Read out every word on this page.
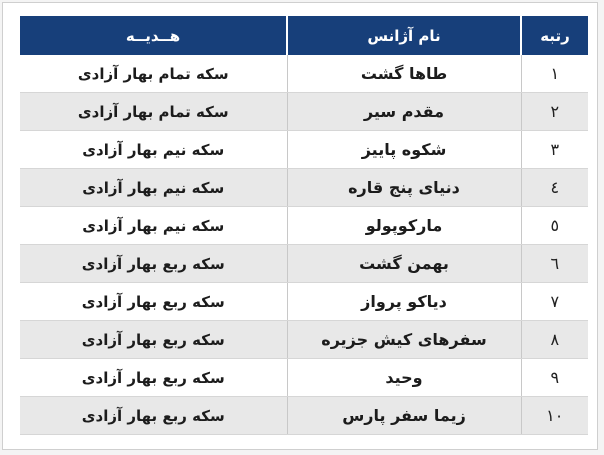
رتبه	نام آژانس	هــدیــه
۱	طاها گشت	سکه تمام بهار آزادی
۲	مقدم سیر	سکه تمام بهار آزادی
۳	شکوه پاییز	سکه نیم بهار آزادی
٤	دنیای پنج قاره	سکه نیم بهار آزادی
٥	مارکوپولو	سکه نیم بهار آزادی
٦	بهمن گشت	سکه ربع بهار آزادی
۷	دیاکو پرواز	سکه ربع بهار آزادی
۸	سفرهای کیش جزیره	سکه ربع بهار آزادی
۹	وحید	سکه ربع بهار آزادی
۱۰	زیما سفر پارس	سکه ربع بهار آزادی
